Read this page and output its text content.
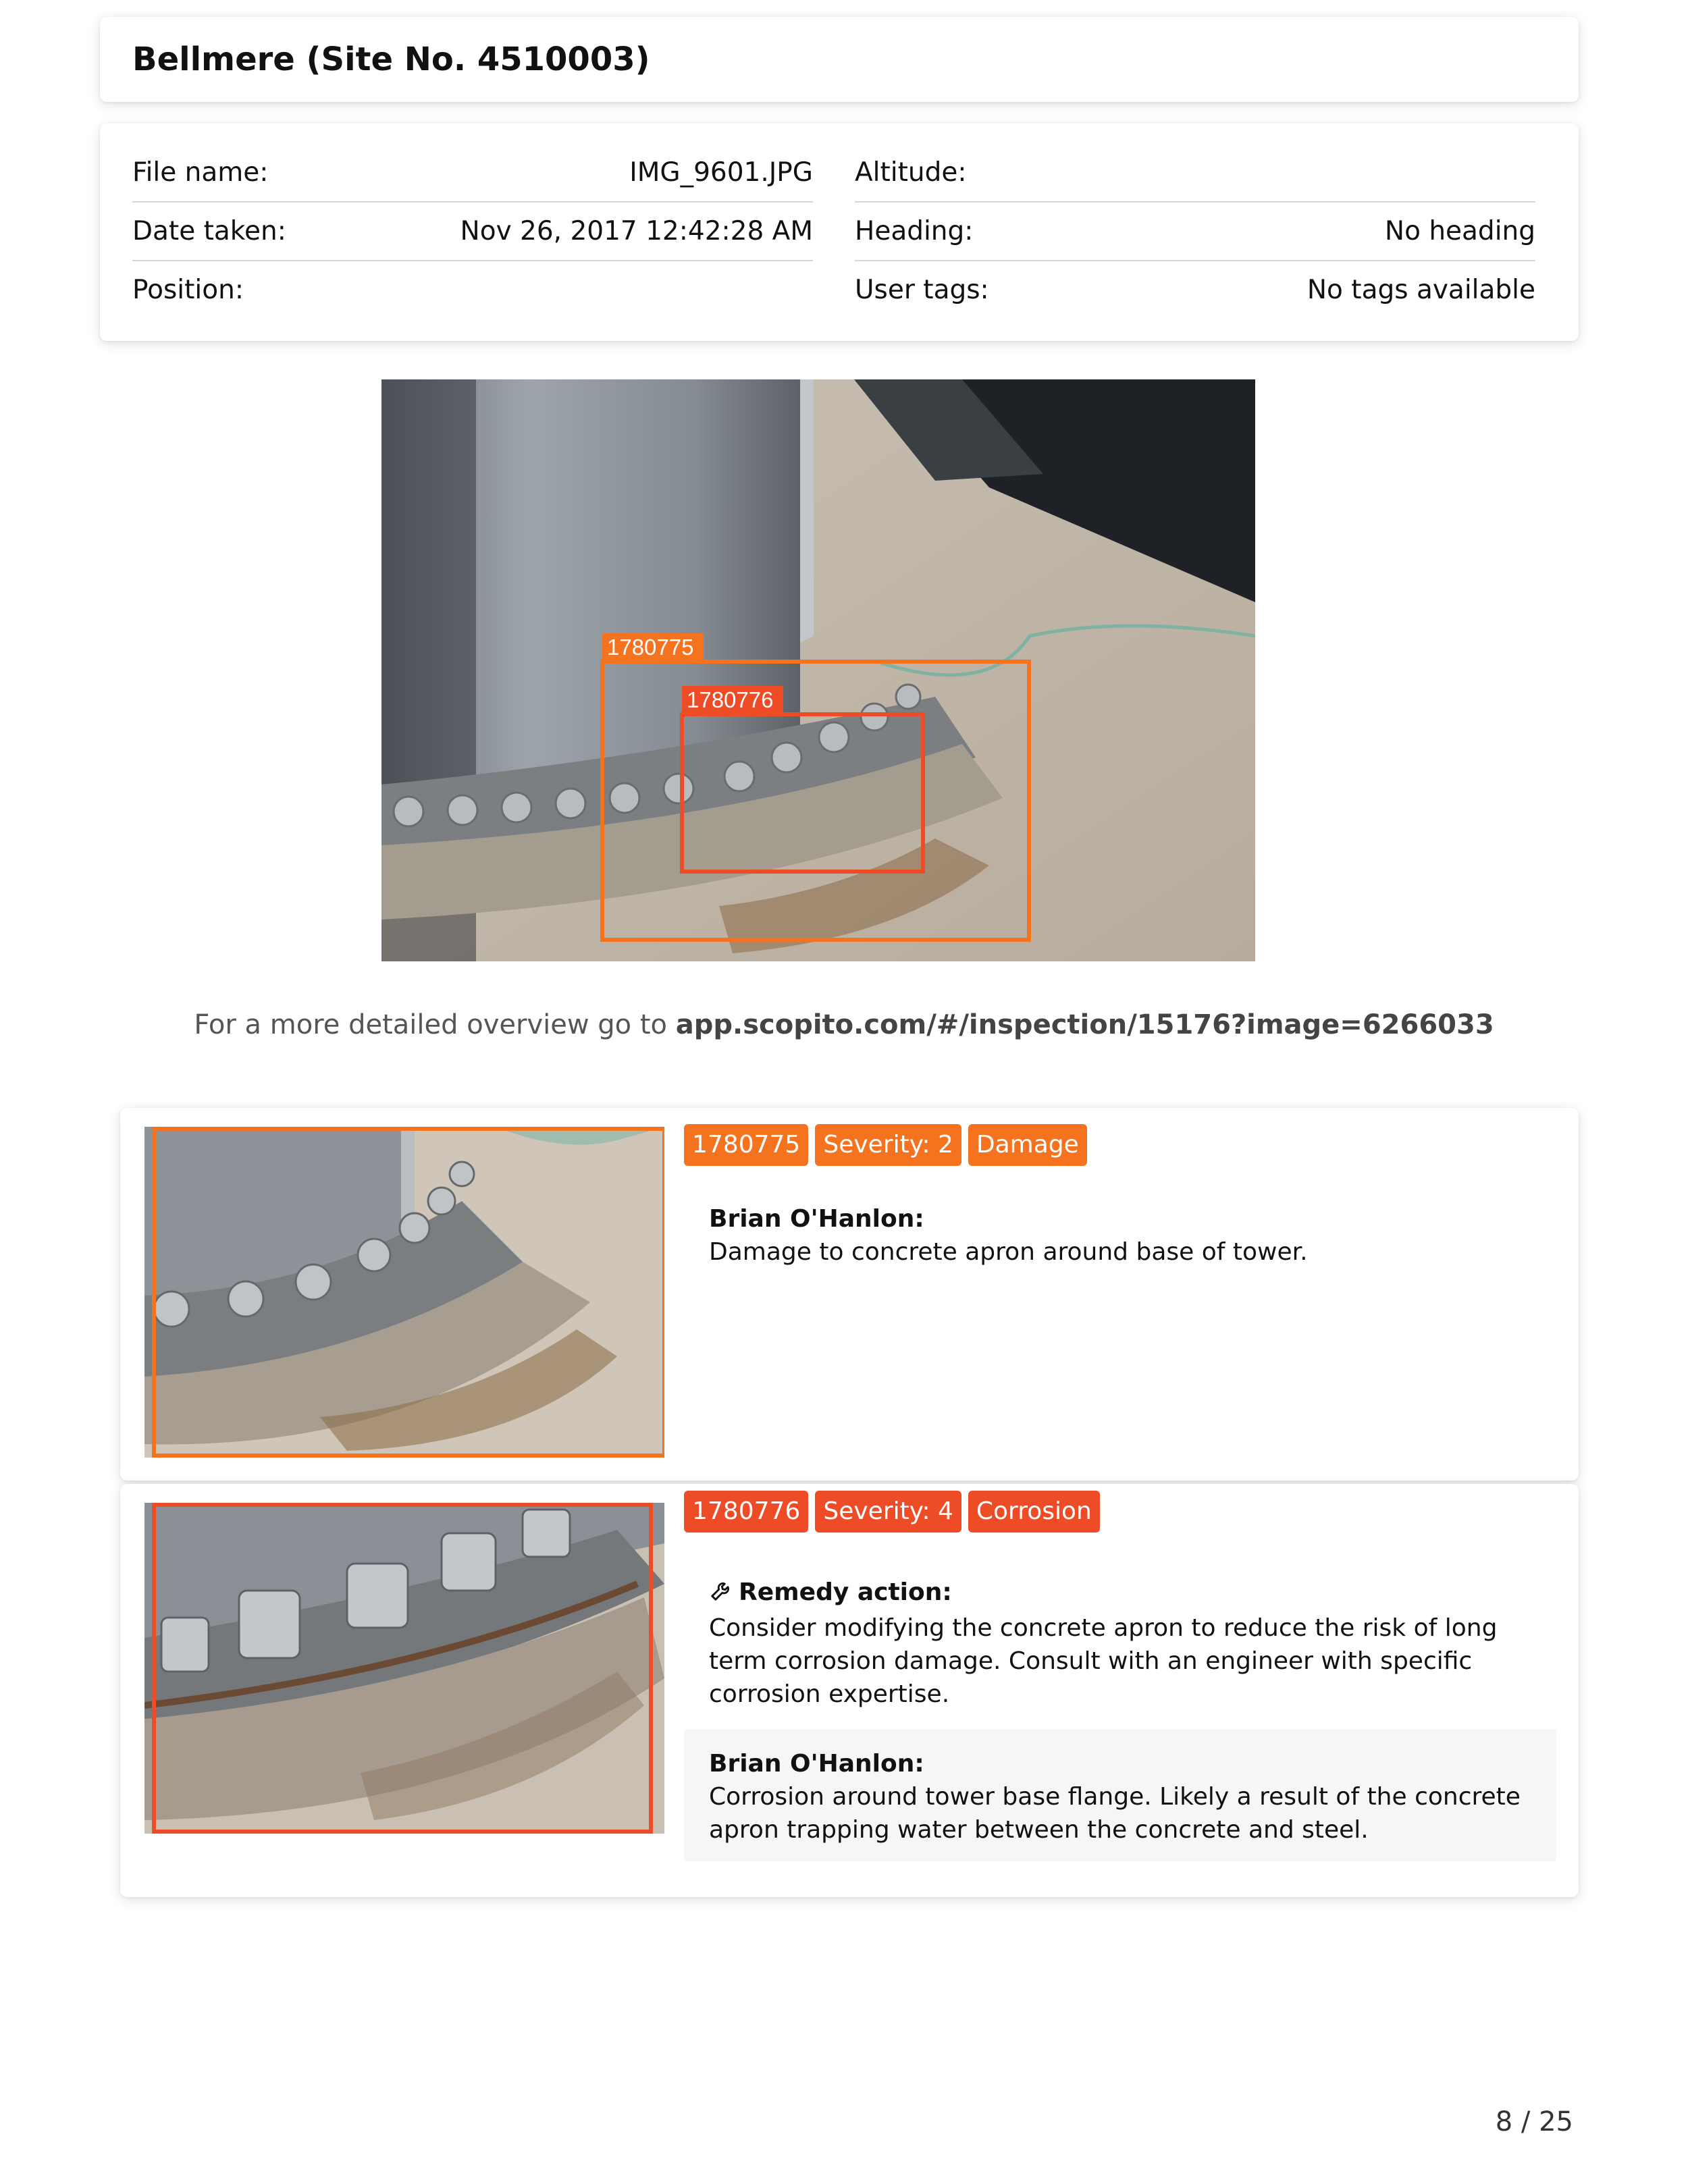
Bellmere (Site No. 4510003)
File name:	IMG_9601.JPG
Date taken:	Nov 26, 2017 12:42:28 AM
Position:
Altitude:
Heading:	No heading
User tags:	No tags available
1780775
1780776
For a more detailed overview go to app.scopito.com/#/inspection/15176?image=6266033
1780775 Severity: 2 Damage
Brian O'Hanlon:
Damage to concrete apron around base of tower.
1780776 Severity: 4 Corrosion
Remedy action:
Consider modifying the concrete apron to reduce the risk of long term corrosion damage. Consult with an engineer with specific corrosion expertise.
Brian O'Hanlon:
Corrosion around tower base flange. Likely a result of the concrete apron trapping water between the concrete and steel.
8 / 25
